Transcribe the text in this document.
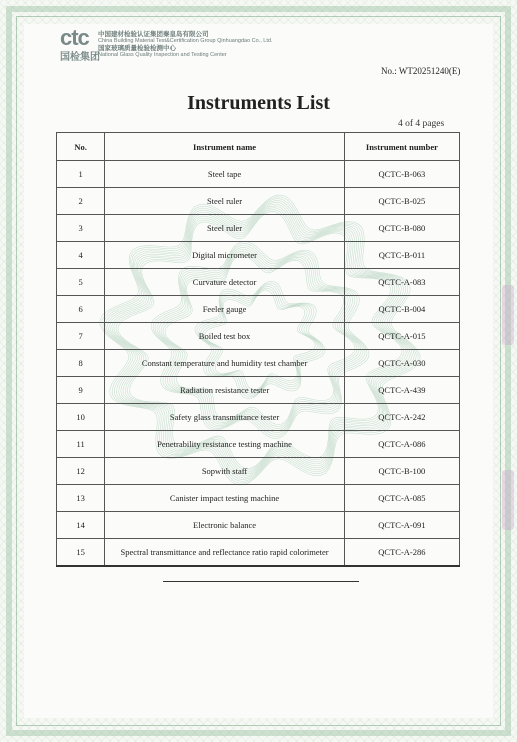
ctc
国检集团
中国建材检验认证集团秦皇岛有限公司
China Building Material Test&Certification Group Qinhuangdao Co., Ltd.
国家玻璃质量检验检测中心
National Glass Quality Inspection and Testing Center
No.: WT20251240(E)
Instruments List
4 of 4 pages
No.	Instrument name	Instrument number
1	Steel tape	QCTC-B-063
2	Steel ruler	QCTC-B-025
3	Steel ruler	QCTC-B-080
4	Digital micrometer	QCTC-B-011
5	Curvature detector	QCTC-A-083
6	Feeler gauge	QCTC-B-004
7	Boiled test box	QCTC-A-015
8	Constant temperature and humidity test chamber	QCTC-A-030
9	Radiation resistance tester	QCTC-A-439
10	Safety glass transmittance tester	QCTC-A-242
11	Penetrability resistance testing machine	QCTC-A-086
12	Sopwith staff	QCTC-B-100
13	Canister impact testing machine	QCTC-A-085
14	Electronic balance	QCTC-A-091
15	Spectral transmittance and reflectance ratio rapid colorimeter	QCTC-A-286
